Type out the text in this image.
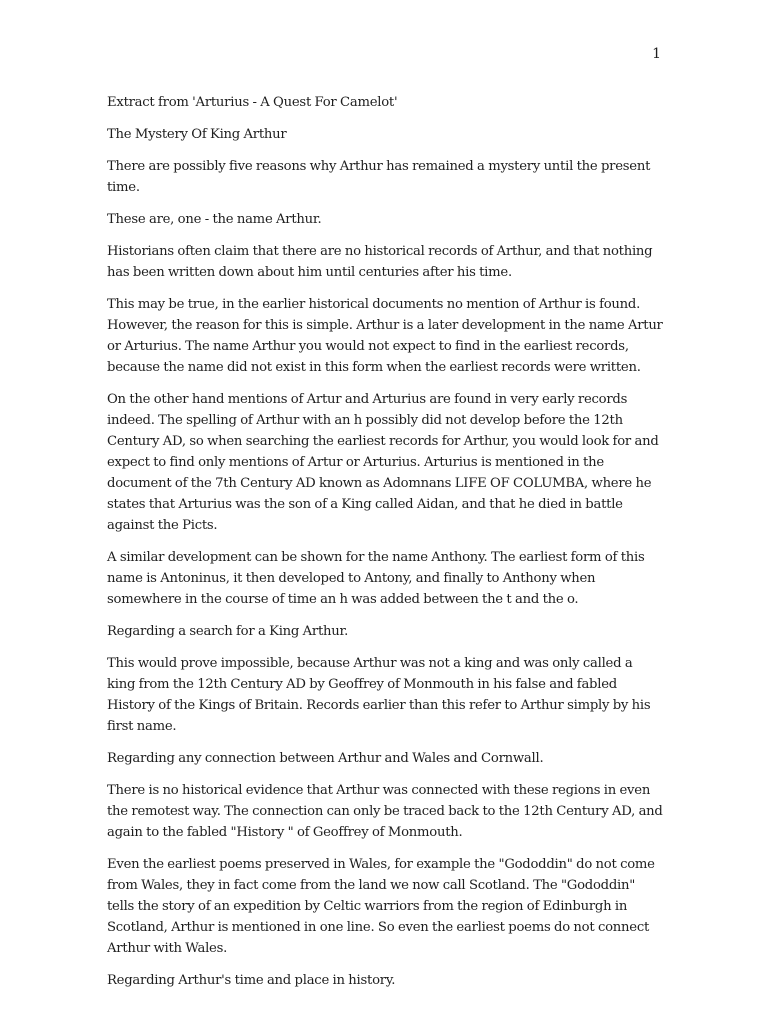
1

Extract from 'Arturius - A Quest For Camelot'

The Mystery Of King Arthur

There are possibly five reasons why Arthur has remained a mystery until the present time.

These are, one - the name Arthur.

Historians often claim that there are no historical records of Arthur, and that nothing has been written down about him until centuries after his time.

This may be true, in the earlier historical documents no mention of Arthur is found. However, the reason for this is simple. Arthur is a later development in the name Artur or Arturius. The name Arthur you would not expect to find in the earliest records, because the name did not exist in this form when the earliest records were written.

On the other hand mentions of Artur and Arturius are found in very early records indeed. The spelling of Arthur with an h possibly did not develop before the 12th Century AD, so when searching the earliest records for Arthur, you would look for and expect to find only mentions of Artur or Arturius. Arturius is mentioned in the document of the 7th Century AD known as Adomnans LIFE OF COLUMBA, where he states that Arturius was the son of a King called Aidan, and that he died in battle against the Picts.

A similar development can be shown for the name Anthony. The earliest form of this name is Antoninus, it then developed to Antony, and finally to Anthony when somewhere in the course of time an h was added between the t and the o.

Regarding a search for a King Arthur.

This would prove impossible, because Arthur was not a king and was only called a king from the 12th Century AD by Geoffrey of Monmouth in his false and fabled History of the Kings of Britain. Records earlier than this refer to Arthur simply by his first name.

Regarding any connection between Arthur and Wales and Cornwall.

There is no historical evidence that Arthur was connected with these regions in even the remotest way. The connection can only be traced back to the 12th Century AD, and again to the fabled "History " of Geoffrey of Monmouth.

Even the earliest poems preserved in Wales, for example the "Gododdin" do not come from Wales, they in fact come from the land we now call Scotland. The "Gododdin" tells the story of an expedition by Celtic warriors from the region of Edinburgh in Scotland, Arthur is mentioned in one line. So even the earliest poems do not connect Arthur with Wales.

Regarding Arthur's time and place in history.
